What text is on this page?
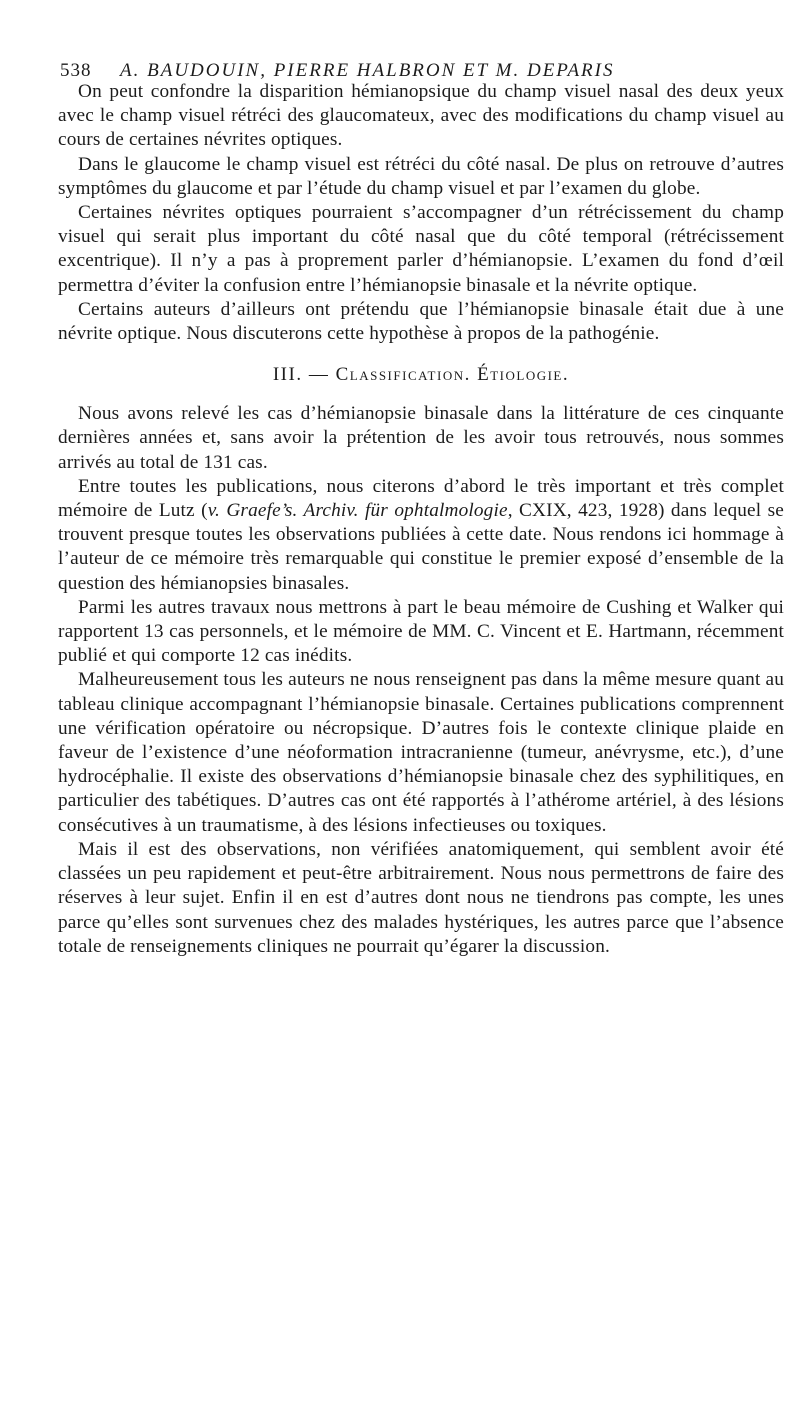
538 A. BAUDOUIN, PIERRE HALBRON ET M. DEPARIS

On peut confondre la disparition hémianopsique du champ visuel nasal des deux yeux avec le champ visuel rétréci des glaucomateux, avec des modifications du champ visuel au cours de certaines névrites optiques.

Dans le glaucome le champ visuel est rétréci du côté nasal. De plus on retrouve d’autres symptômes du glaucome et par l’étude du champ visuel et par l’examen du globe.

Certaines névrites optiques pourraient s’accompagner d’un rétrécissement du champ visuel qui serait plus important du côté nasal que du côté temporal (rétrécissement excentrique). Il n’y a pas à proprement parler d’hémianopsie. L’examen du fond d’œil permettra d’éviter la confusion entre l’hémianopsie binasale et la névrite optique.

Certains auteurs d’ailleurs ont prétendu que l’hémianopsie binasale était due à une névrite optique. Nous discuterons cette hypothèse à propos de la pathogénie.

III. — Classification. Étiologie.

Nous avons relevé les cas d’hémianopsie binasale dans la littérature de ces cinquante dernières années et, sans avoir la prétention de les avoir tous retrouvés, nous sommes arrivés au total de 131 cas.

Entre toutes les publications, nous citerons d’abord le très important et très complet mémoire de Lutz (v. Graefe’s. Archiv. für ophtalmologie, CXIX, 423, 1928) dans lequel se trouvent presque toutes les observations publiées à cette date. Nous rendons ici hommage à l’auteur de ce mémoire très remarquable qui constitue le premier exposé d’ensemble de la question des hémianopsies binasales.

Parmi les autres travaux nous mettrons à part le beau mémoire de Cushing et Walker qui rapportent 13 cas personnels, et le mémoire de MM. C. Vincent et E. Hartmann, récemment publié et qui comporte 12 cas inédits.

Malheureusement tous les auteurs ne nous renseignent pas dans la même mesure quant au tableau clinique accompagnant l’hémianopsie binasale. Certaines publications comprennent une vérification opératoire ou nécropsique. D’autres fois le contexte clinique plaide en faveur de l’existence d’une néoformation intracranienne (tumeur, anévrysme, etc.), d’une hydrocéphalie. Il existe des observations d’hémianopsie binasale chez des syphilitiques, en particulier des tabétiques. D’autres cas ont été rapportés à l’athérome artériel, à des lésions consécutives à un traumatisme, à des lésions infectieuses ou toxiques.

Mais il est des observations, non vérifiées anatomiquement, qui semblent avoir été classées un peu rapidement et peut-être arbitrairement. Nous nous permettrons de faire des réserves à leur sujet. Enfin il en est d’autres dont nous ne tiendrons pas compte, les unes parce qu’elles sont survenues chez des malades hystériques, les autres parce que l’absence totale de renseignements cliniques ne pourrait qu’égarer la discussion.
